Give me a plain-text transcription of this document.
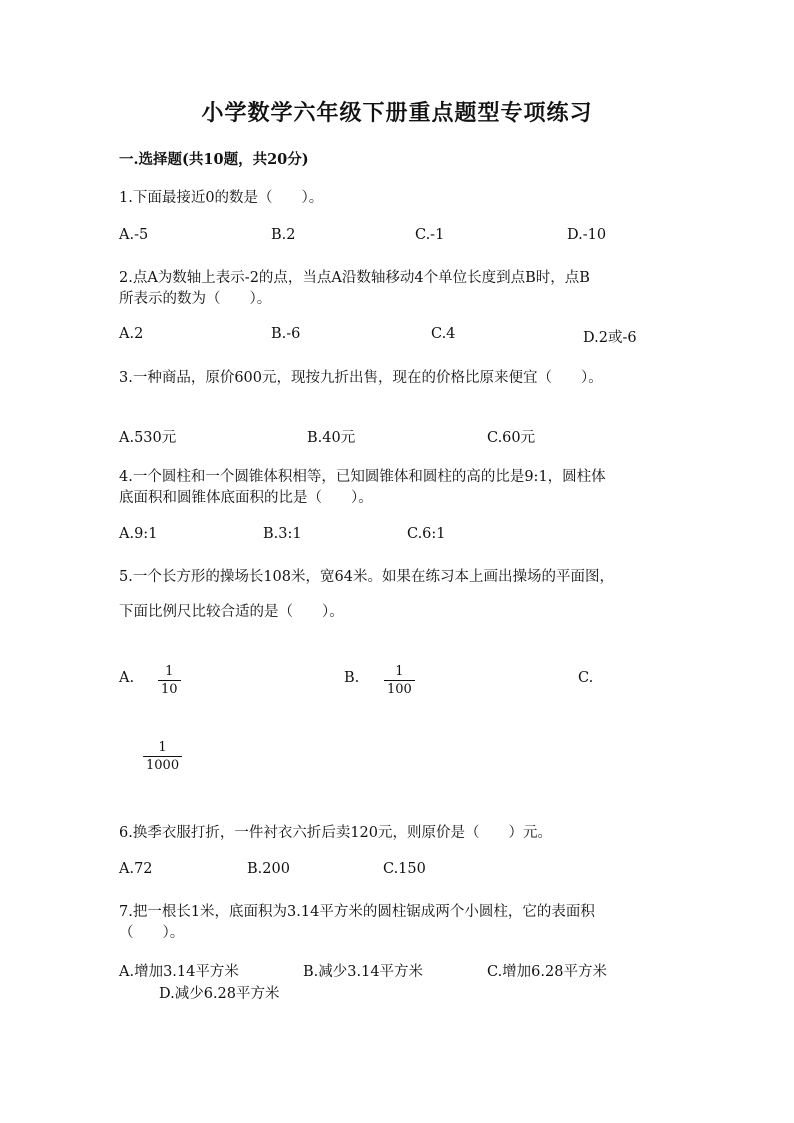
小学数学六年级下册重点题型专项练习
一.选择题(共10题，共20分)
1.下面最接近0的数是（　　）。
A.-5	B.2	C.-1	D.-10
2.点A为数轴上表示-2的点，当点A沿数轴移动4个单位长度到点B时，点B
所表示的数为（　　）。
A.2	B.-6	C.4	D.2或-6
3.一种商品，原价600元，现按九折出售，现在的价格比原来便宜（　　）。
A.530元	B.40元	C.60元
4.一个圆柱和一个圆锥体积相等，已知圆锥体和圆柱的高的比是9:1，圆柱体
底面积和圆锥体底面积的比是（　　）。
A.9:1	B.3:1	C.6:1
5.一个长方形的操场长108米，宽64米。如果在练习本上画出操场的平面图，
下面比例尺比较合适的是（　　）。
A. 1
10
B.	1
100
C.
1
1000
6.换季衣服打折，一件衬衣六折后卖120元，则原价是（　　）元。
A.72	B.200	C.150
7.把一根长1米，底面积为3.14平方米的圆柱锯成两个小圆柱，它的表面积
（　　）。
A.增加3.14平方米	B.减少3.14平方米	C.增加6.28平方米
D.减少6.28平方米
